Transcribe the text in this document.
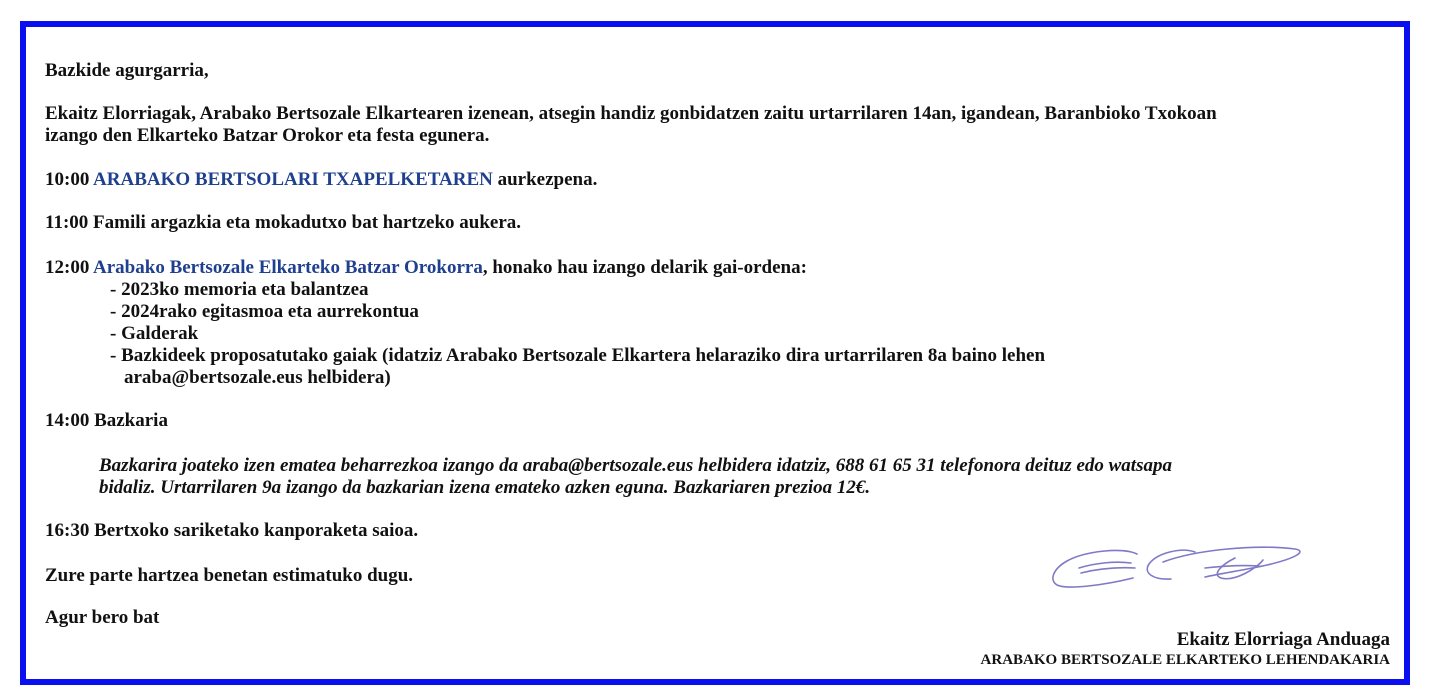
Bazkide agurgarria,
Ekaitz Elorriagak, Arabako Bertsozale Elkartearen izenean, atsegin handiz gonbidatzen zaitu urtarrilaren 14an, igandean, Baranbioko Txokoan
izango den Elkarteko Batzar Orokor eta festa egunera.
10:00 ARABAKO BERTSOLARI TXAPELKETAREN aurkezpena.
11:00 Famili argazkia eta mokadutxo bat hartzeko aukera.
12:00 Arabako Bertsozale Elkarteko Batzar Orokorra, honako hau izango delarik gai-ordena:
- 2023ko memoria eta balantzea
- 2024rako egitasmoa eta aurrekontua
- Galderak
- Bazkideek proposatutako gaiak (idatziz Arabako Bertsozale Elkartera helaraziko dira urtarrilaren 8a baino lehen
araba@bertsozale.eus helbidera)
14:00 Bazkaria
Bazkarira joateko izen ematea beharrezkoa izango da araba@bertsozale.eus helbidera idatziz, 688 61 65 31 telefonora deituz edo watsapa
bidaliz. Urtarrilaren 9a izango da bazkarian izena emateko azken eguna. Bazkariaren prezioa 12€.
16:30 Bertxoko sariketako kanporaketa saioa.
Zure parte hartzea benetan estimatuko dugu.
Agur bero bat
Ekaitz Elorriaga Anduaga
ARABAKO BERTSOZALE ELKARTEKO LEHENDAKARIA
